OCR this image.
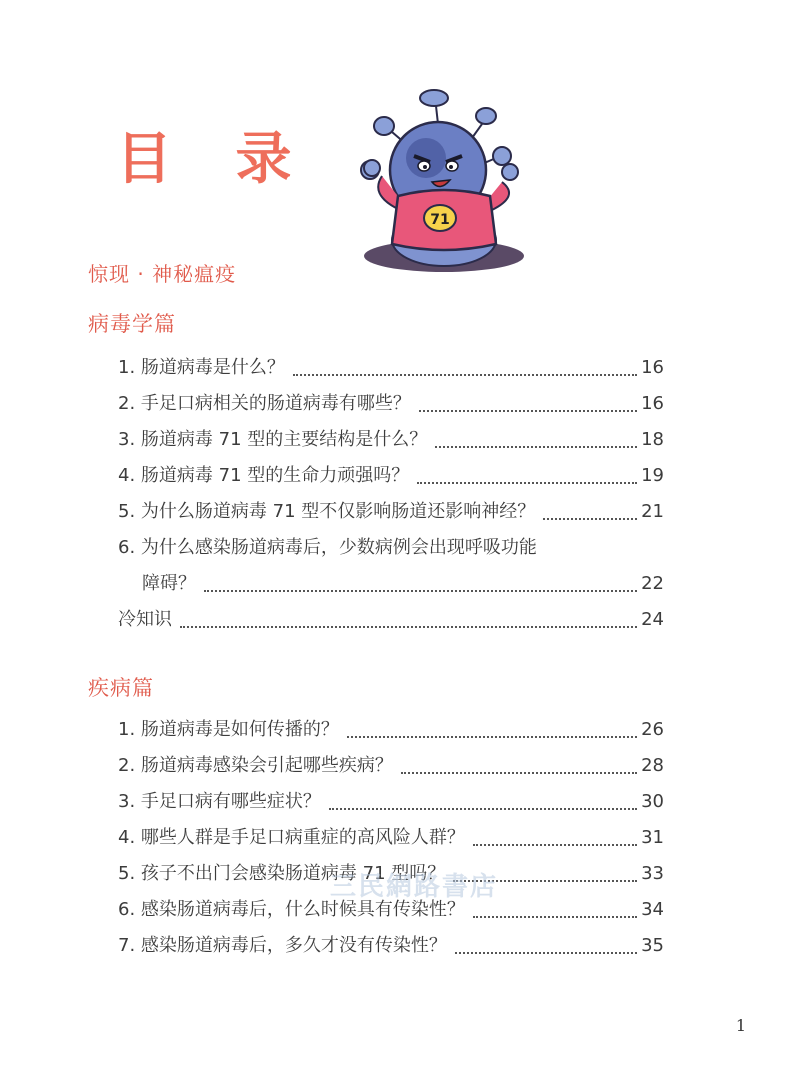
目 录
71
惊现 · 神秘瘟疫
病毒学篇
1. 肠道病毒是什么？	16
2. 手足口病相关的肠道病毒有哪些？	16
3. 肠道病毒 71 型的主要结构是什么？	18
4. 肠道病毒 71 型的生命力顽强吗？	19
5. 为什么肠道病毒 71 型不仅影响肠道还影响神经？	21
6. 为什么感染肠道病毒后，少数病例会出现呼吸功能
障碍？	22
冷知识	24
疾病篇
1. 肠道病毒是如何传播的？	26
2. 肠道病毒感染会引起哪些疾病？	28
3. 手足口病有哪些症状？	30
4. 哪些人群是手足口病重症的高风险人群？	31
5. 孩子不出门会感染肠道病毒 71 型吗？	33
6. 感染肠道病毒后，什么时候具有传染性？	34
7. 感染肠道病毒后，多久才没有传染性？	35
三民網路書店
1
